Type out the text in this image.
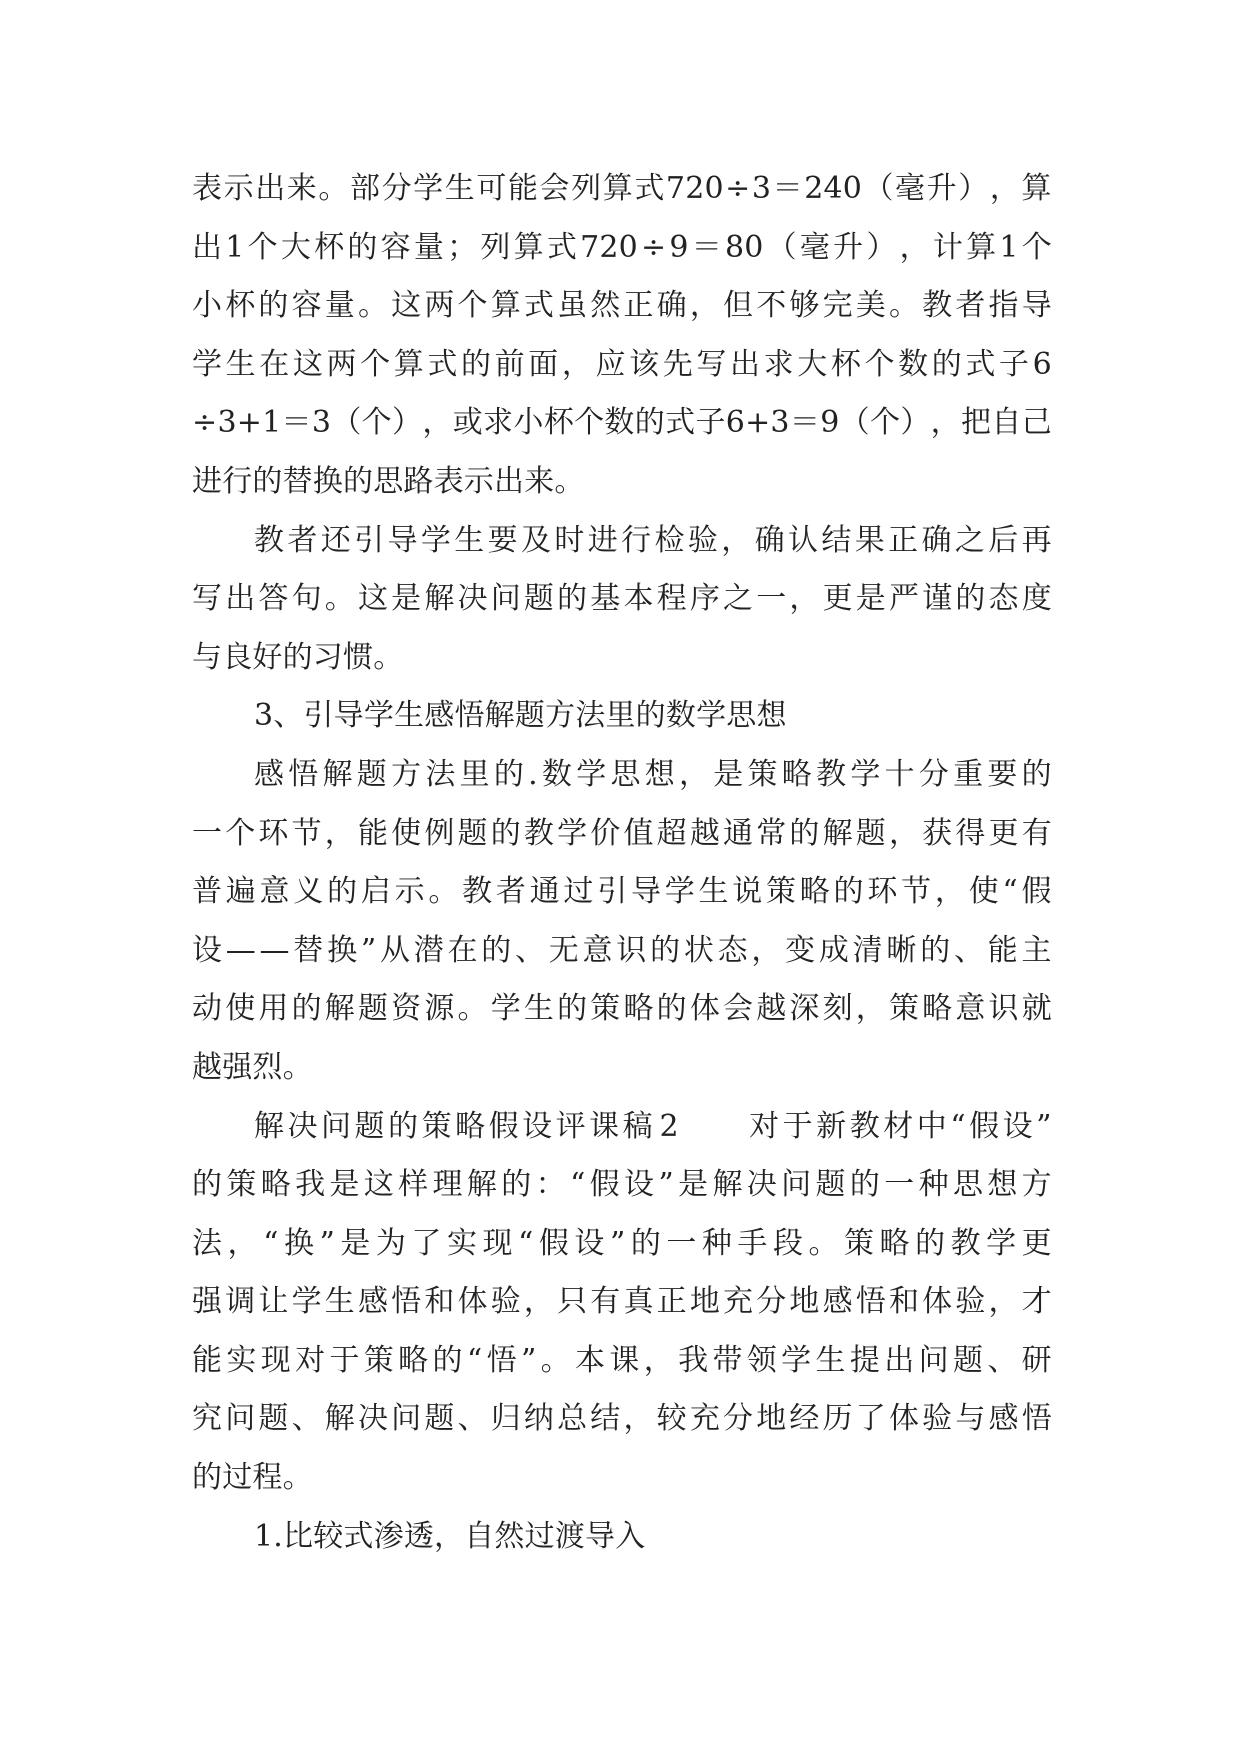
表 示 出 来 。 部 分 学 生 可 能 会 列 算 式 720 ÷ 3 ＝ 240 （ 毫 升 ） ， 算
出 1 个 大 杯 的 容 量 ； 列 算 式 720 ÷ 9 ＝ 80 （ 毫 升 ） ， 计 算 1 个
小 杯 的 容 量 。 这 两 个 算 式 虽 然 正 确 ， 但 不 够 完 美 。 教 者 指 导
学 生 在 这 两 个 算 式 的 前 面 ， 应 该 先 写 出 求 大 杯 个 数 的 式 子 6
÷ 3+1 ＝ 3 （ 个 ） ， 或 求 小 杯 个 数 的 式 子 6+3 ＝ 9 （ 个 ） ， 把 自 己
进行的替换的思路表示出来。
教 者 还 引 导 学 生 要 及 时 进 行 检 验 ， 确 认 结 果 正 确 之 后 再
写 出 答 句 。 这 是 解 决 问 题 的 基 本 程 序 之 一 ， 更 是 严 谨 的 态 度
与良好的习惯。
3、引导学生感悟解题方法里的数学思想
感 悟 解 题 方 法 里 的 . 数 学 思 想 ， 是 策 略 教 学 十 分 重 要 的
一 个 环 节 ， 能 使 例 题 的 教 学 价 值 超 越 通 常 的 解 题 ， 获 得 更 有
普 遍 意 义 的 启 示 。 教 者 通 过 引 导 学 生 说 策 略 的 环 节 ， 使 “ 假
设 — — 替 换 ” 从 潜 在 的 、 无 意 识 的 状 态 ， 变 成 清 晰 的 、 能 主
动 使 用 的 解 题 资 源 。 学 生 的 策 略 的 体 会 越 深 刻 ， 策 略 意 识 就
越强烈。
解 决 问 题 的 策 略 假 设 评 课 稿 2

　 对 于 新 教 材 中 “ 假 设 ”
的 策 略 我 是 这 样 理 解 的 ： “ 假 设 ” 是 解 决 问 题 的 一 种 思 想 方
法 ， “ 换 ” 是 为 了 实 现 “ 假 设 ” 的 一 种 手 段 。 策 略 的 教 学 更
强 调 让 学 生 感 悟 和 体 验 ， 只 有 真 正 地 充 分 地 感 悟 和 体 验 ， 才
能 实 现 对 于 策 略 的 “ 悟 ” 。 本 课 ， 我 带 领 学 生 提 出 问 题 、 研
究 问 题 、 解 决 问 题 、 归 纳 总 结 ， 较 充 分 地 经 历 了 体 验 与 感 悟
的过程。
1.比较式渗透，自然过渡导入
